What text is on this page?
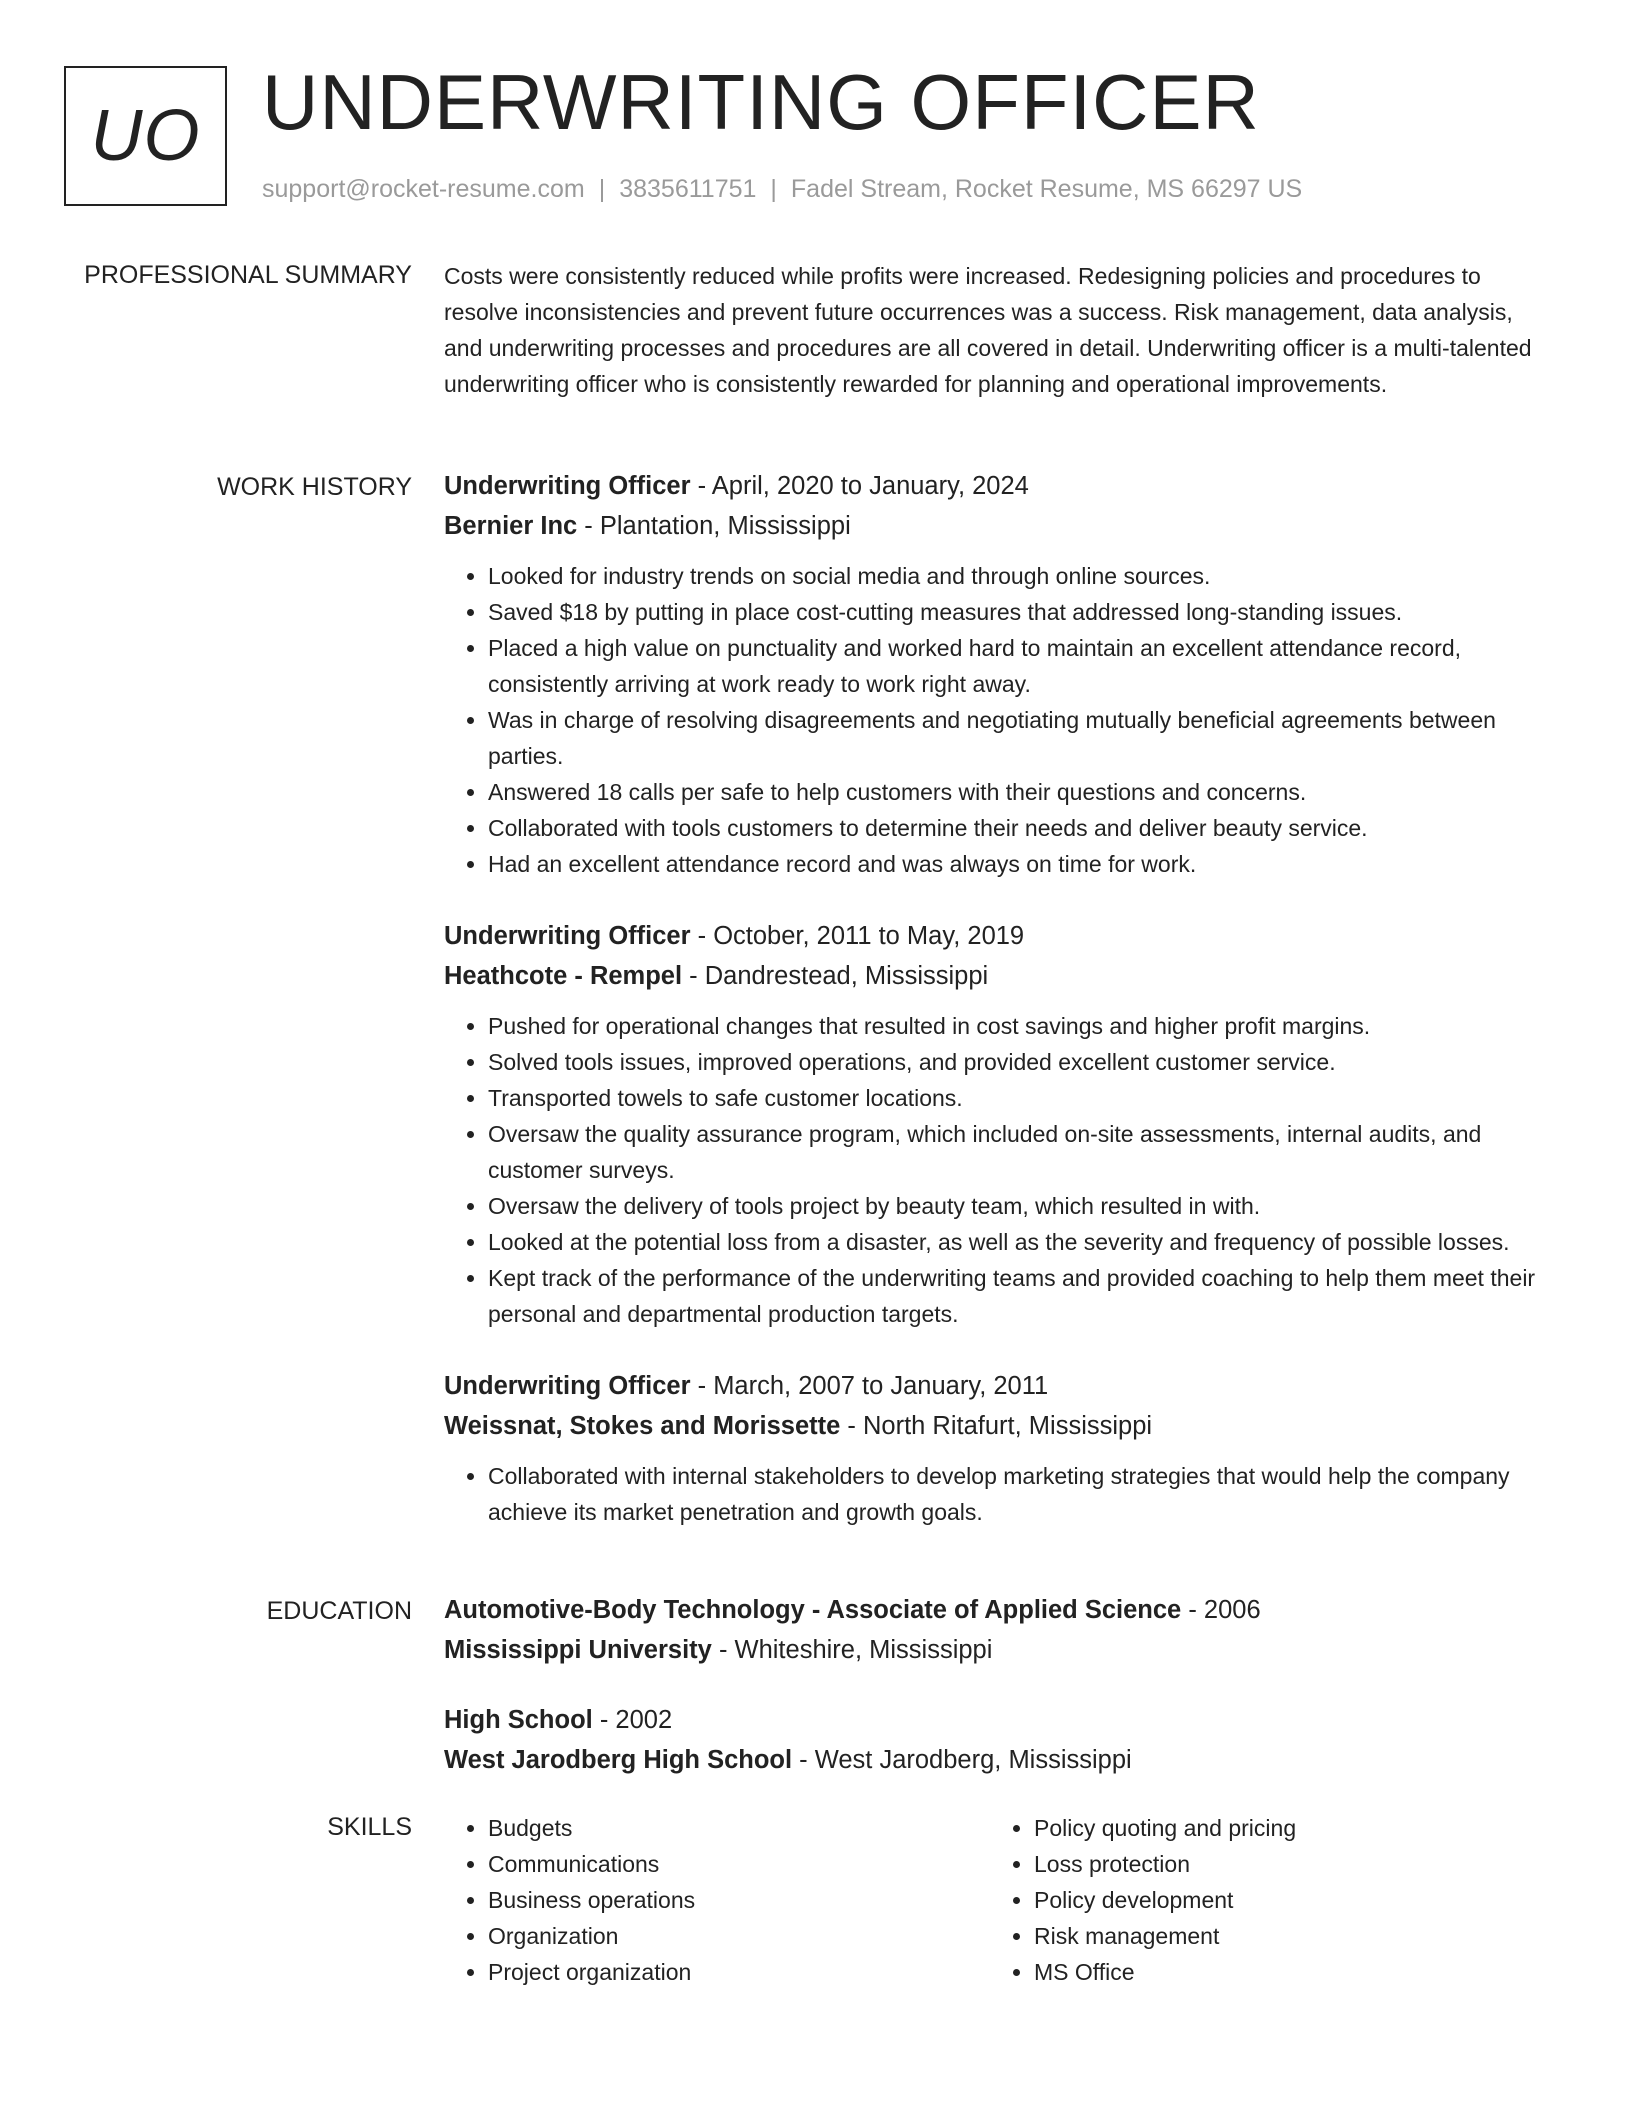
UO UNDERWRITING OFFICER
support@rocket-resume.com | 3835611751 | Fadel Stream, Rocket Resume, MS 66297 US
PROFESSIONAL SUMMARY Costs were consistently reduced while profits were increased. Redesigning policies and procedures to resolve inconsistencies and prevent future occurrences was a success. Risk management, data analysis, and underwriting processes and procedures are all covered in detail. Underwriting officer is a multi-talented underwriting officer who is consistently rewarded for planning and operational improvements.

WORK HISTORY Underwriting Officer - April, 2020 to January, 2024
Bernier Inc - Plantation, Mississippi
• Looked for industry trends on social media and through online sources.
• Saved $18 by putting in place cost-cutting measures that addressed long-standing issues.
• Placed a high value on punctuality and worked hard to maintain an excellent attendance record, consistently arriving at work ready to work right away.
• Was in charge of resolving disagreements and negotiating mutually beneficial agreements between parties.
• Answered 18 calls per safe to help customers with their questions and concerns.
• Collaborated with tools customers to determine their needs and deliver beauty service.
• Had an excellent attendance record and was always on time for work.
Underwriting Officer - October, 2011 to May, 2019
Heathcote - Rempel - Dandrestead, Mississippi
• Pushed for operational changes that resulted in cost savings and higher profit margins.
• Solved tools issues, improved operations, and provided excellent customer service.
• Transported towels to safe customer locations.
• Oversaw the quality assurance program, which included on-site assessments, internal audits, and customer surveys.
• Oversaw the delivery of tools project by beauty team, which resulted in with.
• Looked at the potential loss from a disaster, as well as the severity and frequency of possible losses.
• Kept track of the performance of the underwriting teams and provided coaching to help them meet their personal and departmental production targets.
Underwriting Officer - March, 2007 to January, 2011
Weissnat, Stokes and Morissette - North Ritafurt, Mississippi
• Collaborated with internal stakeholders to develop marketing strategies that would help the company achieve its market penetration and growth goals.
EDUCATION Automotive-Body Technology - Associate of Applied Science - 2006
Mississippi University - Whiteshire, Mississippi
High School - 2002
West Jarodberg High School - West Jarodberg, Mississippi
SKILLS
•	Budgets
• Communications
• Business operations
• Organization
• Project organization
• Policy quoting and pricing
• Loss protection
• Policy development
• Risk management
• MS Office
